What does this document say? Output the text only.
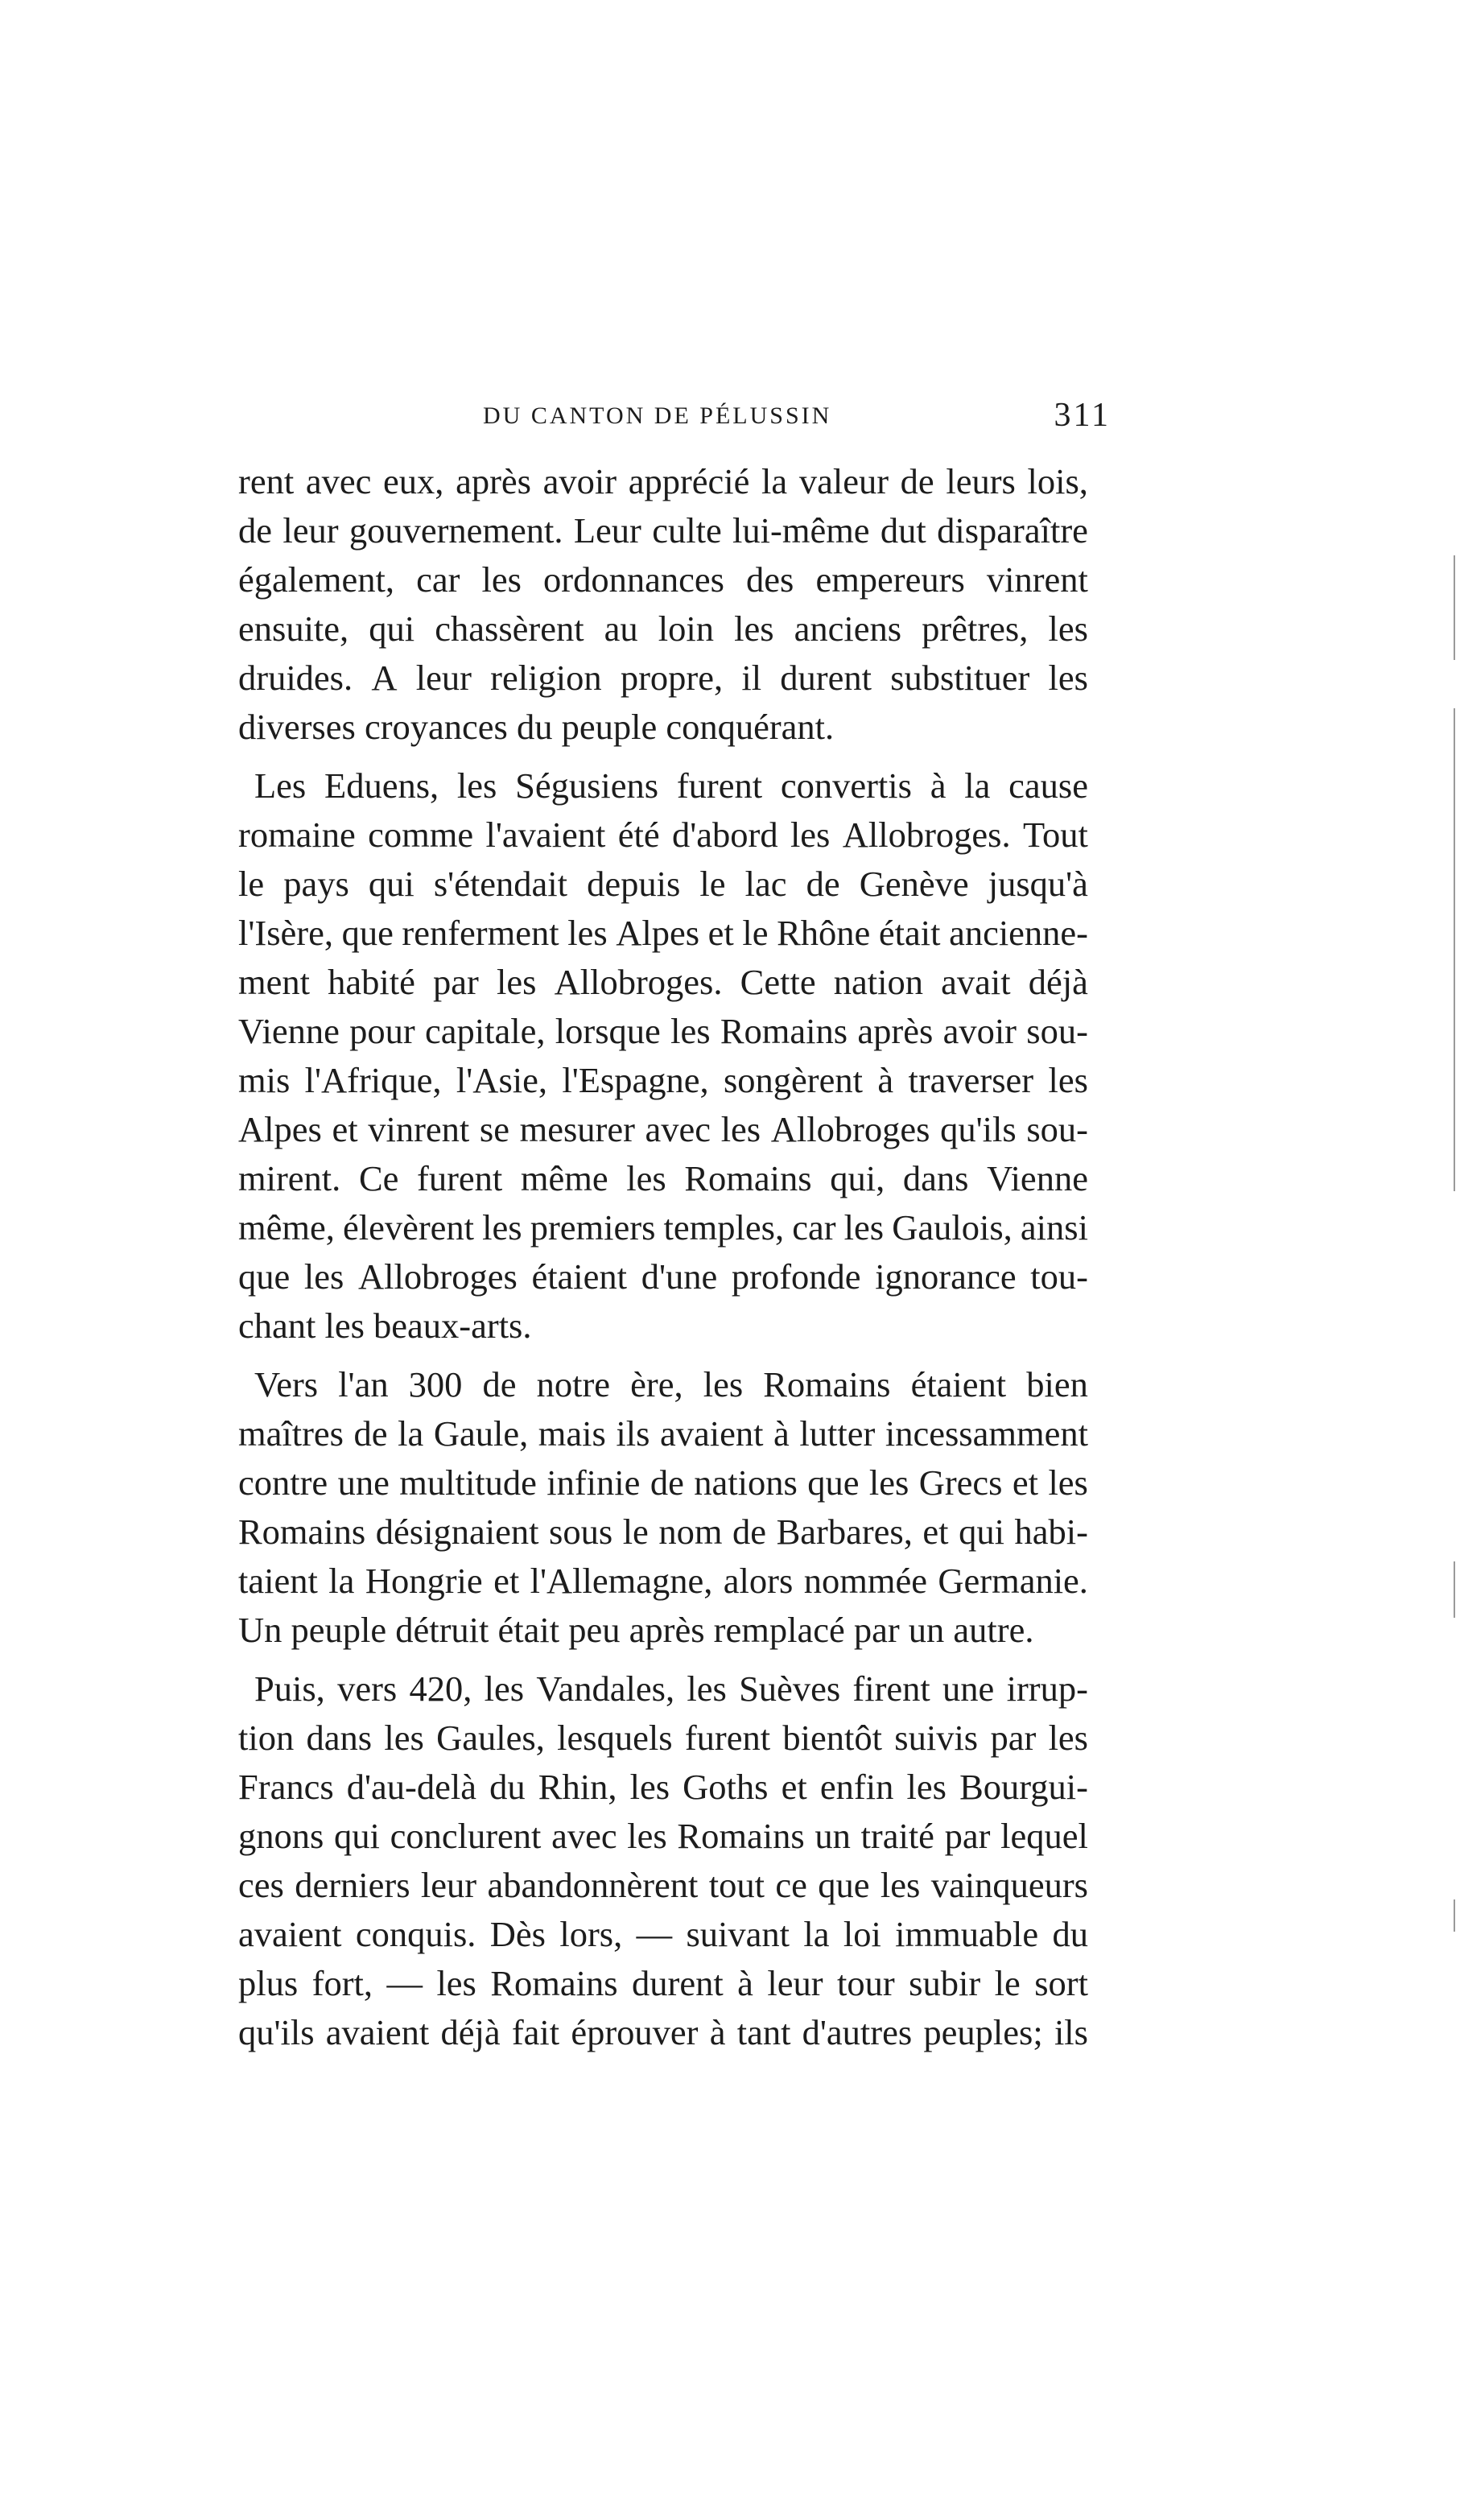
DU CANTON DE PÉLUSSIN	311
rent avec eux, après avoir apprécié la valeur de leurs lois,
de leur gouvernement. Leur culte lui-même dut disparaître
également, car les ordonnances des empereurs vinrent
ensuite, qui chassèrent au loin les anciens prêtres, les
druides. A leur religion propre, il durent substituer les
diverses croyances du peuple conquérant.
Les Eduens, les Ségusiens furent convertis à la cause
romaine comme l'avaient été d'abord les Allobroges. Tout
le pays qui s'étendait depuis le lac de Genève jusqu'à
l'Isère, que renferment les Alpes et le Rhône était ancienne-
ment habité par les Allobroges. Cette nation avait déjà
Vienne pour capitale, lorsque les Romains après avoir sou-
mis l'Afrique, l'Asie, l'Espagne, songèrent à traverser les
Alpes et vinrent se mesurer avec les Allobroges qu'ils sou-
mirent. Ce furent même les Romains qui, dans Vienne
même, élevèrent les premiers temples, car les Gaulois, ainsi
que les Allobroges étaient d'une profonde ignorance tou-
chant les beaux-arts.
Vers l'an 300 de notre ère, les Romains étaient bien
maîtres de la Gaule, mais ils avaient à lutter incessamment
contre une multitude infinie de nations que les Grecs et les
Romains désignaient sous le nom de Barbares, et qui habi-
taient la Hongrie et l'Allemagne, alors nommée Germanie.
Un peuple détruit était peu après remplacé par un autre.
Puis, vers 420, les Vandales, les Suèves firent une irrup-
tion dans les Gaules, lesquels furent bientôt suivis par les
Francs d'au-delà du Rhin, les Goths et enfin les Bourgui-
gnons qui conclurent avec les Romains un traité par lequel
ces derniers leur abandonnèrent tout ce que les vainqueurs
avaient conquis. Dès lors, — suivant la loi immuable du
plus fort, — les Romains durent à leur tour subir le sort
qu'ils avaient déjà fait éprouver à tant d'autres peuples; ils
